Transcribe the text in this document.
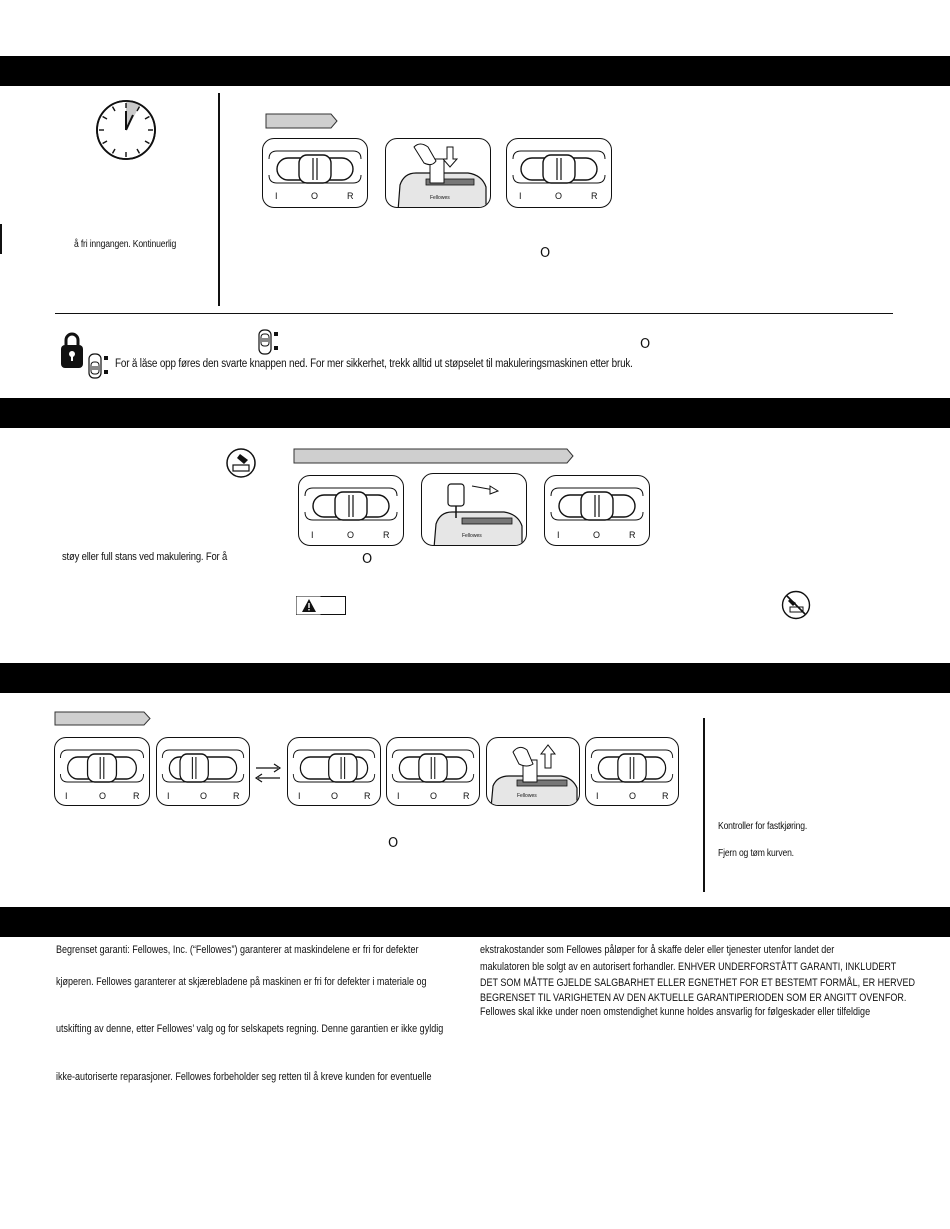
å fri inngangen. Kontinuerlig
I	O	R	Fellowes	I	O	R
O
O
For å låse opp føres den svarte knappen ned. For mer sikkerhet, trekk alltid ut støpselet til makuleringsmaskinen etter bruk.
I	O	R	Fellowes	I	O	R
støy eller full stans ved makulering. For å	O
I	O	R	I	O	R	I	O	R	I	O	R	Fellowes	I	O	R
O
Kontroller for fastkjøring.
Fjern og tøm kurven.
Begrenset garanti: Fellowes, Inc. (“Fellowes”) garanterer at maskindelene er fri for defekter
kjøperen. Fellowes garanterer at skjærebladene på maskinen er fri for defekter i materiale og
utskifting av denne, etter Fellowes’ valg og for selskapets regning. Denne garantien er ikke gyldig
ikke-autoriserte reparasjoner. Fellowes forbeholder seg retten til å kreve kunden for eventuelle
ekstrakostander som Fellowes påløper for å skaffe deler eller tjenester utenfor landet der
makulatoren ble solgt av en autorisert forhandler. ENHVER UNDERFORSTÅTT GARANTI, INKLUDERT
DET SOM MÅTTE GJELDE SALGBARHET ELLER EGNETHET FOR ET BESTEMT FORMÅL, ER HERVED
BEGRENSET TIL VARIGHETEN AV DEN AKTUELLE GARANTIPERIODEN SOM ER ANGITT OVENFOR.
Fellowes skal ikke under noen omstendighet kunne holdes ansvarlig for følgeskader eller tilfeldige
